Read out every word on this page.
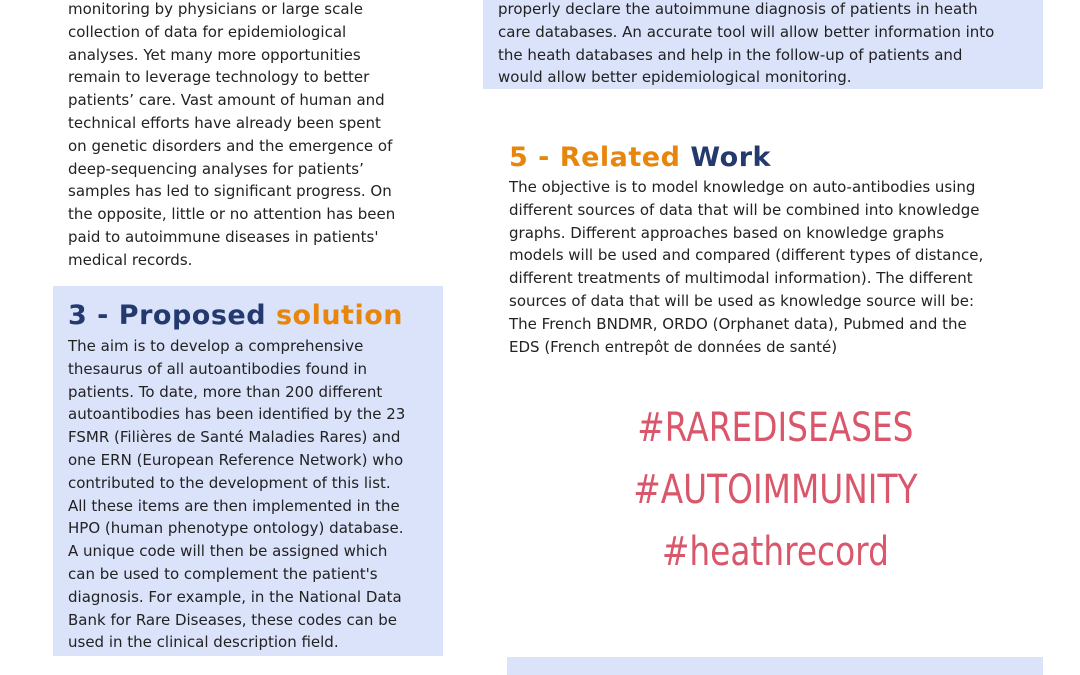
monitoring by physicians or large scale
collection of data for epidemiological
analyses. Yet many more opportunities
remain to leverage technology to better
patients’ care. Vast amount of human and
technical efforts have already been spent
on genetic disorders and the emergence of
deep-sequencing analyses for patients’
samples has led to significant progress. On
the opposite, little or no attention has been
paid to autoimmune diseases in patients'
medical records.
properly declare the autoimmune diagnosis of patients in heath
care databases. An accurate tool will allow better information into
the heath databases and help in the follow-up of patients and
would allow better epidemiological monitoring.
3 - Proposed solution
The aim is to develop a comprehensive
thesaurus of all autoantibodies found in
patients. To date, more than 200 different
autoantibodies has been identified by the 23
FSMR (Filières de Santé Maladies Rares) and
one ERN (European Reference Network) who
contributed to the development of this list.
All these items are then implemented in the
HPO (human phenotype ontology) database.
A unique code will then be assigned which
can be used to complement the patient's
diagnosis. For example, in the National Data
Bank for Rare Diseases, these codes can be
used in the clinical description field.
5 - Related Work
The objective is to model knowledge on auto-antibodies using
different sources of data that will be combined into knowledge
graphs. Different approaches based on knowledge graphs
models will be used and compared (different types of distance,
different treatments of multimodal information). The different
sources of data that will be used as knowledge source will be:
The French BNDMR, ORDO (Orphanet data), Pubmed and the
EDS (French entrepôt de données de santé)
#RAREDISEASES
#AUTOIMMUNITY
#heathrecord
